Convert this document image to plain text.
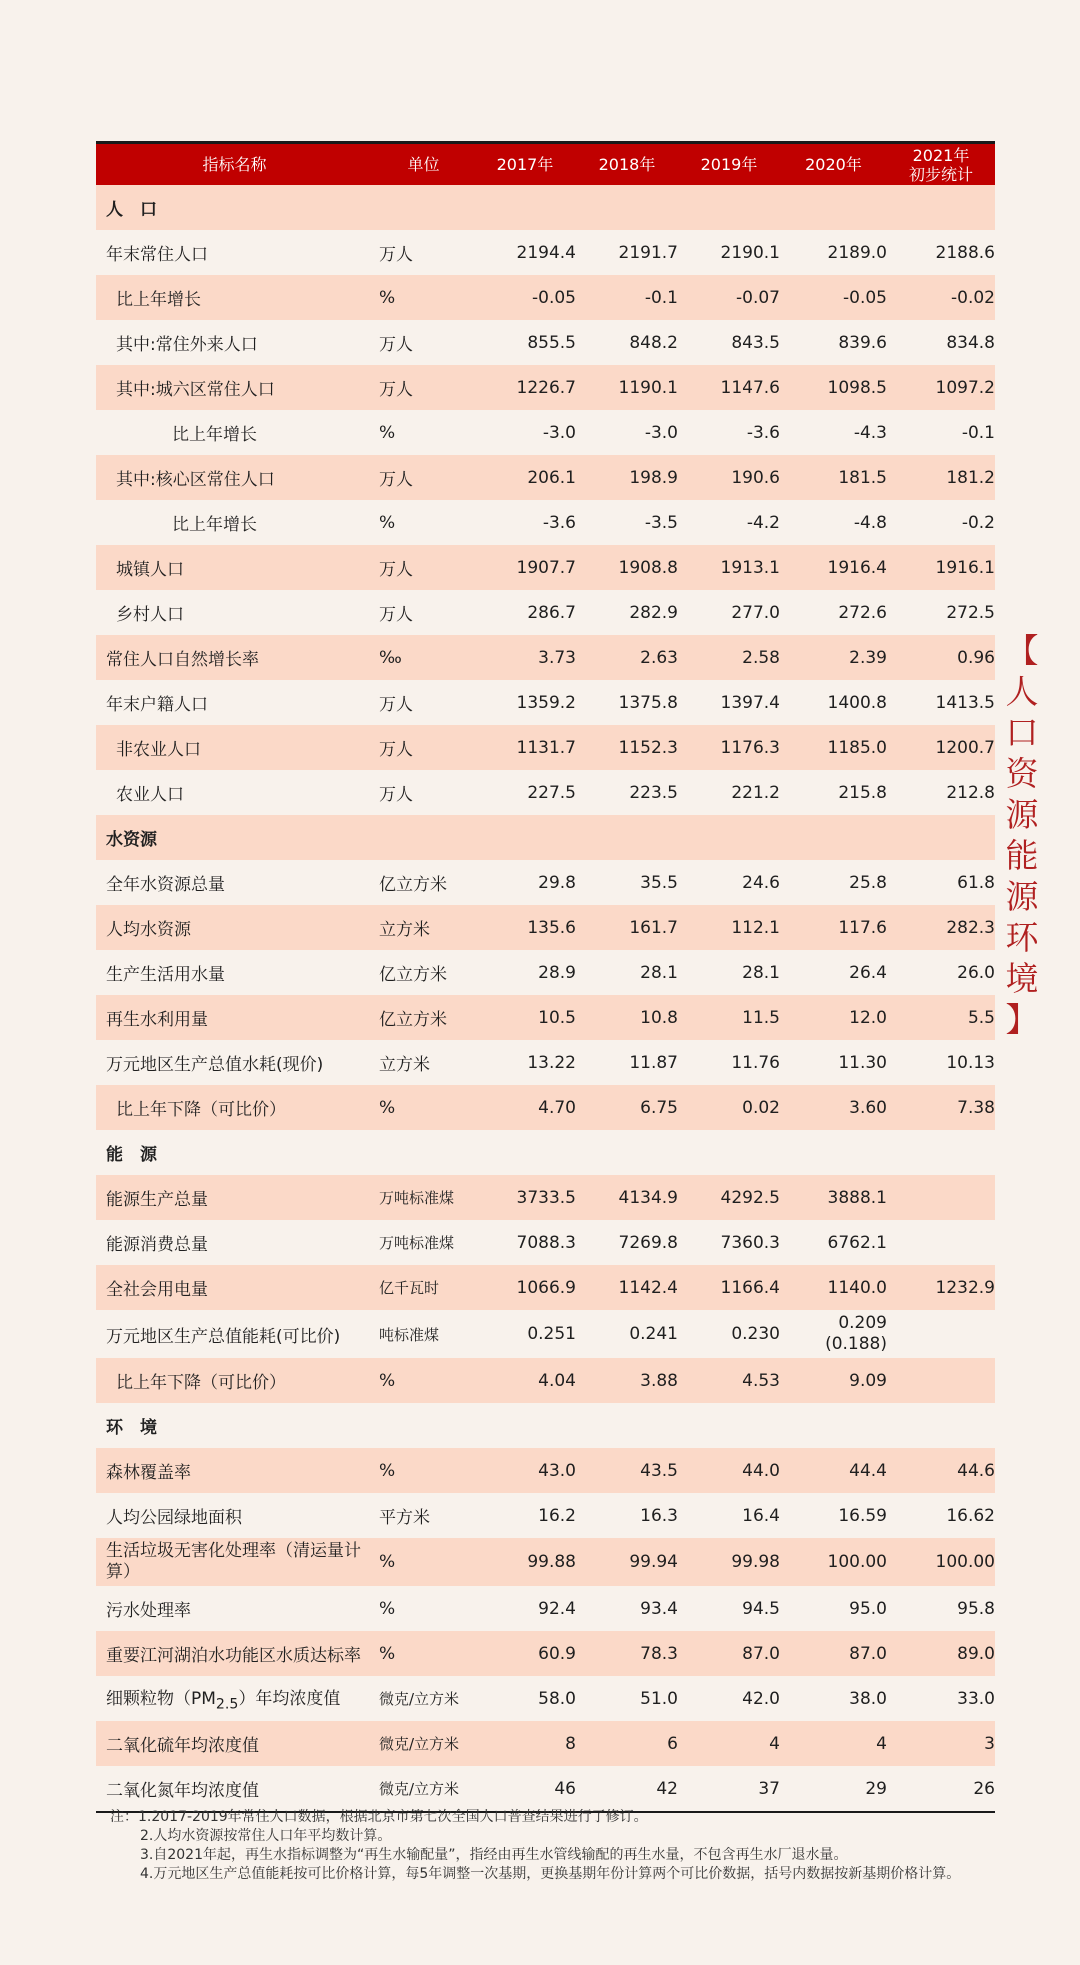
指标名称	单位	2017年	2018年	2019年	2020年	2021年
初步统计
人　口						
年末常住人口	万人	2194.4	2191.7	2190.1	2189.0	2188.6
比上年增长	%	-0.05	-0.1	-0.07	-0.05	-0.02
其中:常住外来人口	万人	855.5	848.2	843.5	839.6	834.8
其中:城六区常住人口	万人	1226.7	1190.1	1147.6	1098.5	1097.2
比上年增长	%	-3.0	-3.0	-3.6	-4.3	-0.1
其中:核心区常住人口	万人	206.1	198.9	190.6	181.5	181.2
比上年增长	%	-3.6	-3.5	-4.2	-4.8	-0.2
城镇人口	万人	1907.7	1908.8	1913.1	1916.4	1916.1
乡村人口	万人	286.7	282.9	277.0	272.6	272.5
常住人口自然增长率	‰	3.73	2.63	2.58	2.39	0.96
年末户籍人口	万人	1359.2	1375.8	1397.4	1400.8	1413.5
非农业人口	万人	1131.7	1152.3	1176.3	1185.0	1200.7
农业人口	万人	227.5	223.5	221.2	215.8	212.8
水资源						
全年水资源总量	亿立方米	29.8	35.5	24.6	25.8	61.8
人均水资源	立方米	135.6	161.7	112.1	117.6	282.3
生产生活用水量	亿立方米	28.9	28.1	28.1	26.4	26.0
再生水利用量	亿立方米	10.5	10.8	11.5	12.0	5.5
万元地区生产总值水耗(现价)	立方米	13.22	11.87	11.76	11.30	10.13
比上年下降（可比价）	%	4.70	6.75	0.02	3.60	7.38
能　源						
能源生产总量	万吨标准煤	3733.5	4134.9	4292.5	3888.1	
能源消费总量	万吨标准煤	7088.3	7269.8	7360.3	6762.1	
全社会用电量	亿千瓦时	1066.9	1142.4	1166.4	1140.0	1232.9
万元地区生产总值能耗(可比价)	吨标准煤	0.251	0.241	0.230	0.209
(0.188)	
比上年下降（可比价）	%	4.04	3.88	4.53	9.09	
环　境						
森林覆盖率	%	43.0	43.5	44.0	44.4	44.6
人均公园绿地面积	平方米	16.2	16.3	16.4	16.59	16.62
生活垃圾无害化处理率（清运量计算）	%	99.88	99.94	99.98	100.00	100.00
污水处理率	%	92.4	93.4	94.5	95.0	95.8
重要江河湖泊水功能区水质达标率	%	60.9	78.3	87.0	87.0	89.0
细颗粒物$(PM_{2.5})$年均浓度值	微克/立方米	58.0	51.0	42.0	38.0	33.0
二氧化硫年均浓度值	微克/立方米	8	6	4	4	3
二氧化氮年均浓度值	微克/立方米	46	42	37	29	26
【
人
口
资
源
能
源
环
境
】
注：1.2017-2019年常住人口数据，根据北京市第七次全国人口普查结果进行了修订。
2.人均水资源按常住人口年平均数计算。
3.自2021年起，再生水指标调整为“再生水输配量”，指经由再生水管线输配的再生水量，不包含再生水厂退水量。
4.万元地区生产总值能耗按可比价格计算，每5年调整一次基期，更换基期年份计算两个可比价数据，括号内数据按新基期价格计算。
